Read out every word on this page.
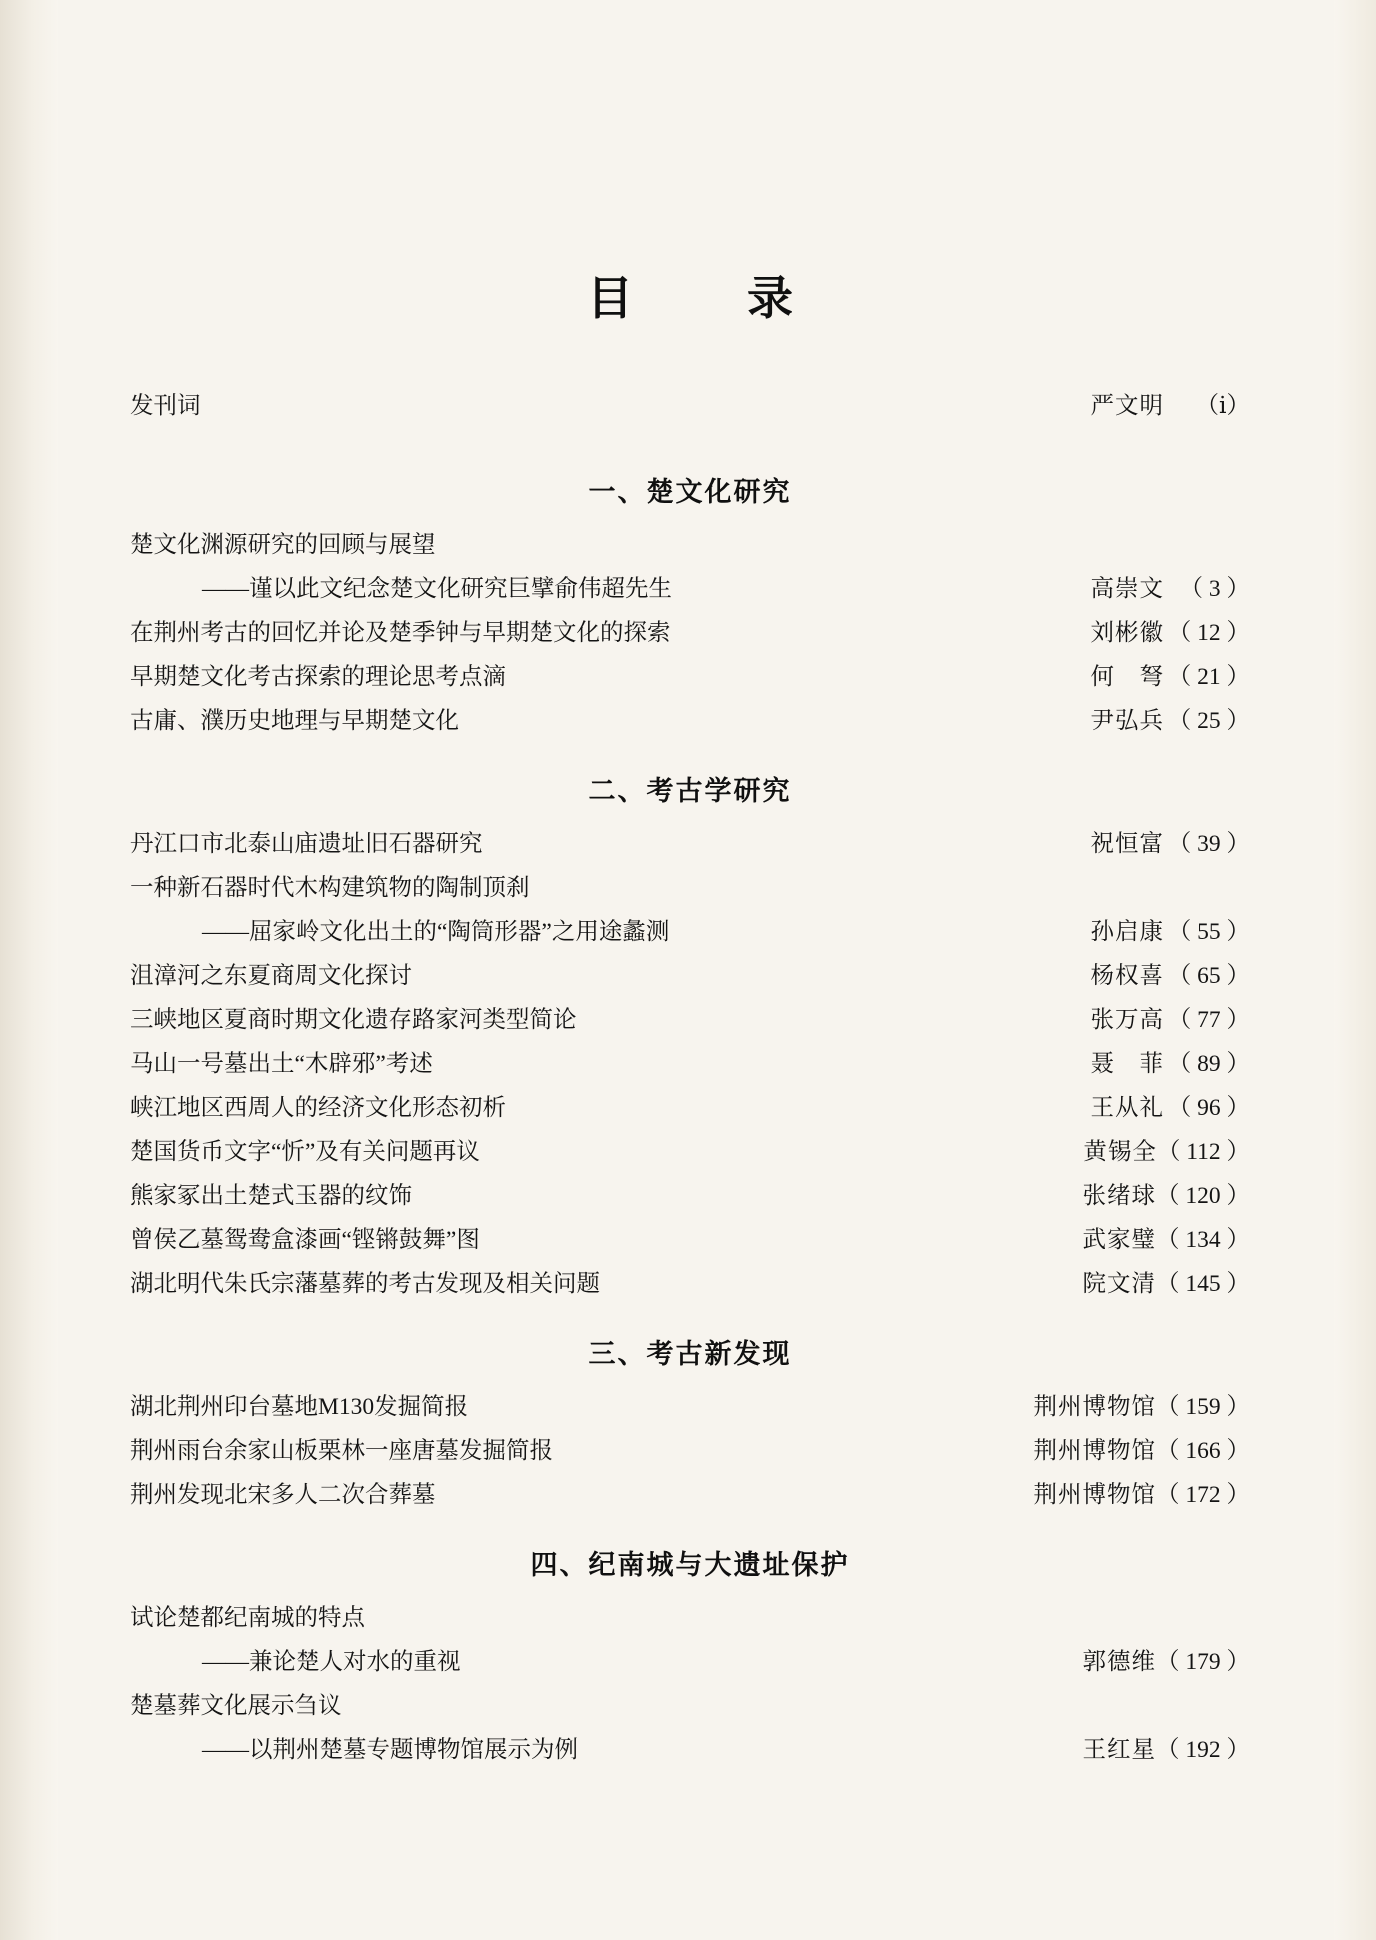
目　录
发刊词 ·····	严文明	（ⅰ）
一、楚文化研究
楚文化渊源研究的回顾与展望
——谨以此文纪念楚文化研究巨擘俞伟超先生 ·····	高崇文 （ 3 ）
在荆州考古的回忆并论及楚季钟与早期楚文化的探索 ·····	刘彬徽 （ 12 ）
早期楚文化考古探索的理论思考点滴 ·····	何　弩 （ 21 ）
古庸、濮历史地理与早期楚文化 ·····	尹弘兵 （ 25 ）
二、考古学研究
丹江口市北泰山庙遗址旧石器研究 ·····	祝恒富 （ 39 ）
一种新石器时代木构建筑物的陶制顶刹
——屈家岭文化出土的“陶筒形器”之用途蠡测 ·····	孙启康 （ 55 ）
沮漳河之东夏商周文化探讨 ·····	杨权喜 （ 65 ）
三峡地区夏商时期文化遗存路家河类型简论 ·····	张万高 （ 77 ）
马山一号墓出土“木辟邪”考述 ·····	聂　菲 （ 89 ）
峡江地区西周人的经济文化形态初析 ·····	王从礼 （ 96 ）
楚国货币文字“忻”及有关问题再议 ·····	黄锡全 （ 112 ）
熊家冢出土楚式玉器的纹饰 ·····	张绪球 （ 120 ）
曾侯乙墓鸳鸯盒漆画“铿锵鼓舞”图 ·····	武家璧 （ 134 ）
湖北明代朱氏宗藩墓葬的考古发现及相关问题 ·····	院文清 （ 145 ）
三、考古新发现
湖北荆州印台墓地M130发掘简报 ·····	荆州博物馆 （ 159 ）
荆州雨台余家山板栗林一座唐墓发掘简报 ·····	荆州博物馆 （ 166 ）
荆州发现北宋多人二次合葬墓 ·····	荆州博物馆 （ 172 ）
四、纪南城与大遗址保护
试论楚都纪南城的特点
——兼论楚人对水的重视 ·····	郭德维 （ 179 ）
楚墓葬文化展示刍议
——以荆州楚墓专题博物馆展示为例 ·····	王红星 （ 192 ）
